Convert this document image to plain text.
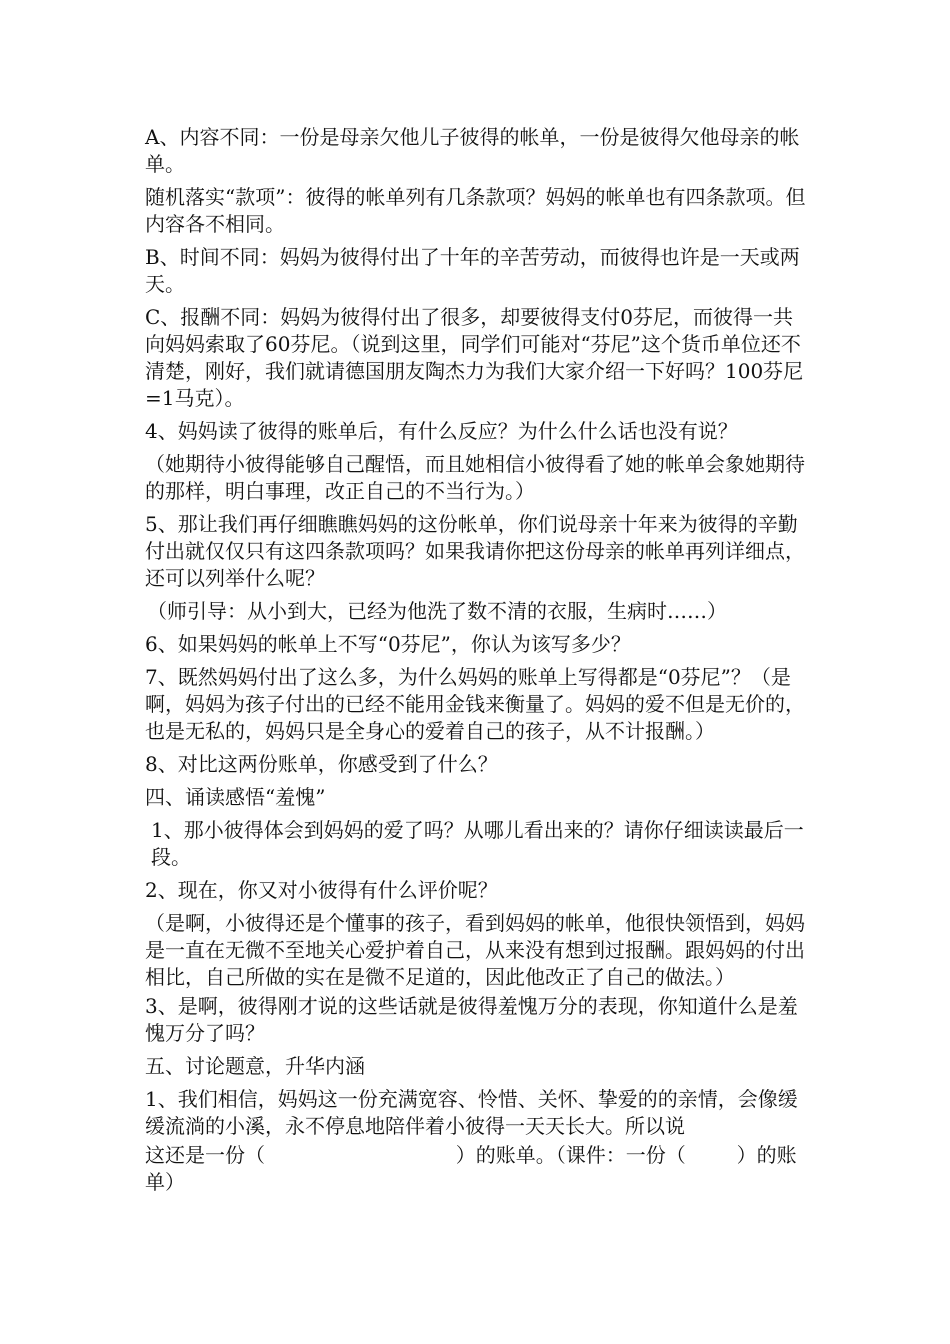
A、内容不同：一份是母亲欠他儿子彼得的帐单，一份是彼得欠他母亲的帐单。

随机落实“款项”：彼得的帐单列有几条款项？妈妈的帐单也有四条款项。但内容各不相同。

B、时间不同：妈妈为彼得付出了十年的辛苦劳动，而彼得也许是一天或两天。

C、报酬不同：妈妈为彼得付出了很多，却要彼得支付0芬尼，而彼得一共向妈妈索取了60芬尼。（说到这里，同学们可能对“芬尼”这个货币单位还不清楚，刚好，我们就请德国朋友陶杰力为我们大家介绍一下好吗？100芬尼=1马克）。

4、妈妈读了彼得的账单后，有什么反应？为什么什么话也没有说？

（她期待小彼得能够自己醒悟，而且她相信小彼得看了她的帐单会象她期待的那样，明白事理，改正自己的不当行为。）

5、那让我们再仔细瞧瞧妈妈的这份帐单，你们说母亲十年来为彼得的辛勤付出就仅仅只有这四条款项吗？如果我请你把这份母亲的帐单再列详细点，还可以列举什么呢？

（师引导：从小到大，已经为他洗了数不清的衣服，生病时……）

6、如果妈妈的帐单上不写“0芬尼”，你认为该写多少？

7、既然妈妈付出了这么多，为什么妈妈的账单上写得都是“0芬尼”？（是啊，妈妈为孩子付出的已经不能用金钱来衡量了。妈妈的爱不但是无价的，也是无私的，妈妈只是全身心的爱着自己的孩子，从不计报酬。）

8、对比这两份账单，你感受到了什么？

四、诵读感悟“羞愧”

1、那小彼得体会到妈妈的爱了吗？从哪儿看出来的？请你仔细读读最后一段。

2、现在，你又对小彼得有什么评价呢？

（是啊，小彼得还是个懂事的孩子，看到妈妈的帐单，他很快领悟到，妈妈是一直在无微不至地关心爱护着自己，从来没有想到过报酬。跟妈妈的付出相比，自己所做的实在是微不足道的，因此他改正了自己的做法。）

3、是啊，彼得刚才说的这些话就是彼得羞愧万分的表现，你知道什么是羞愧万分了吗？

五、讨论题意，升华内涵

1、我们相信，妈妈这一份充满宽容、怜惜、关怀、挚爱的的亲情，会像缓缓流淌的小溪，永不停息地陪伴着小彼得一天天长大。所以说

这还是一份（                              ）的账单。（课件：一份（        ）的账单）
